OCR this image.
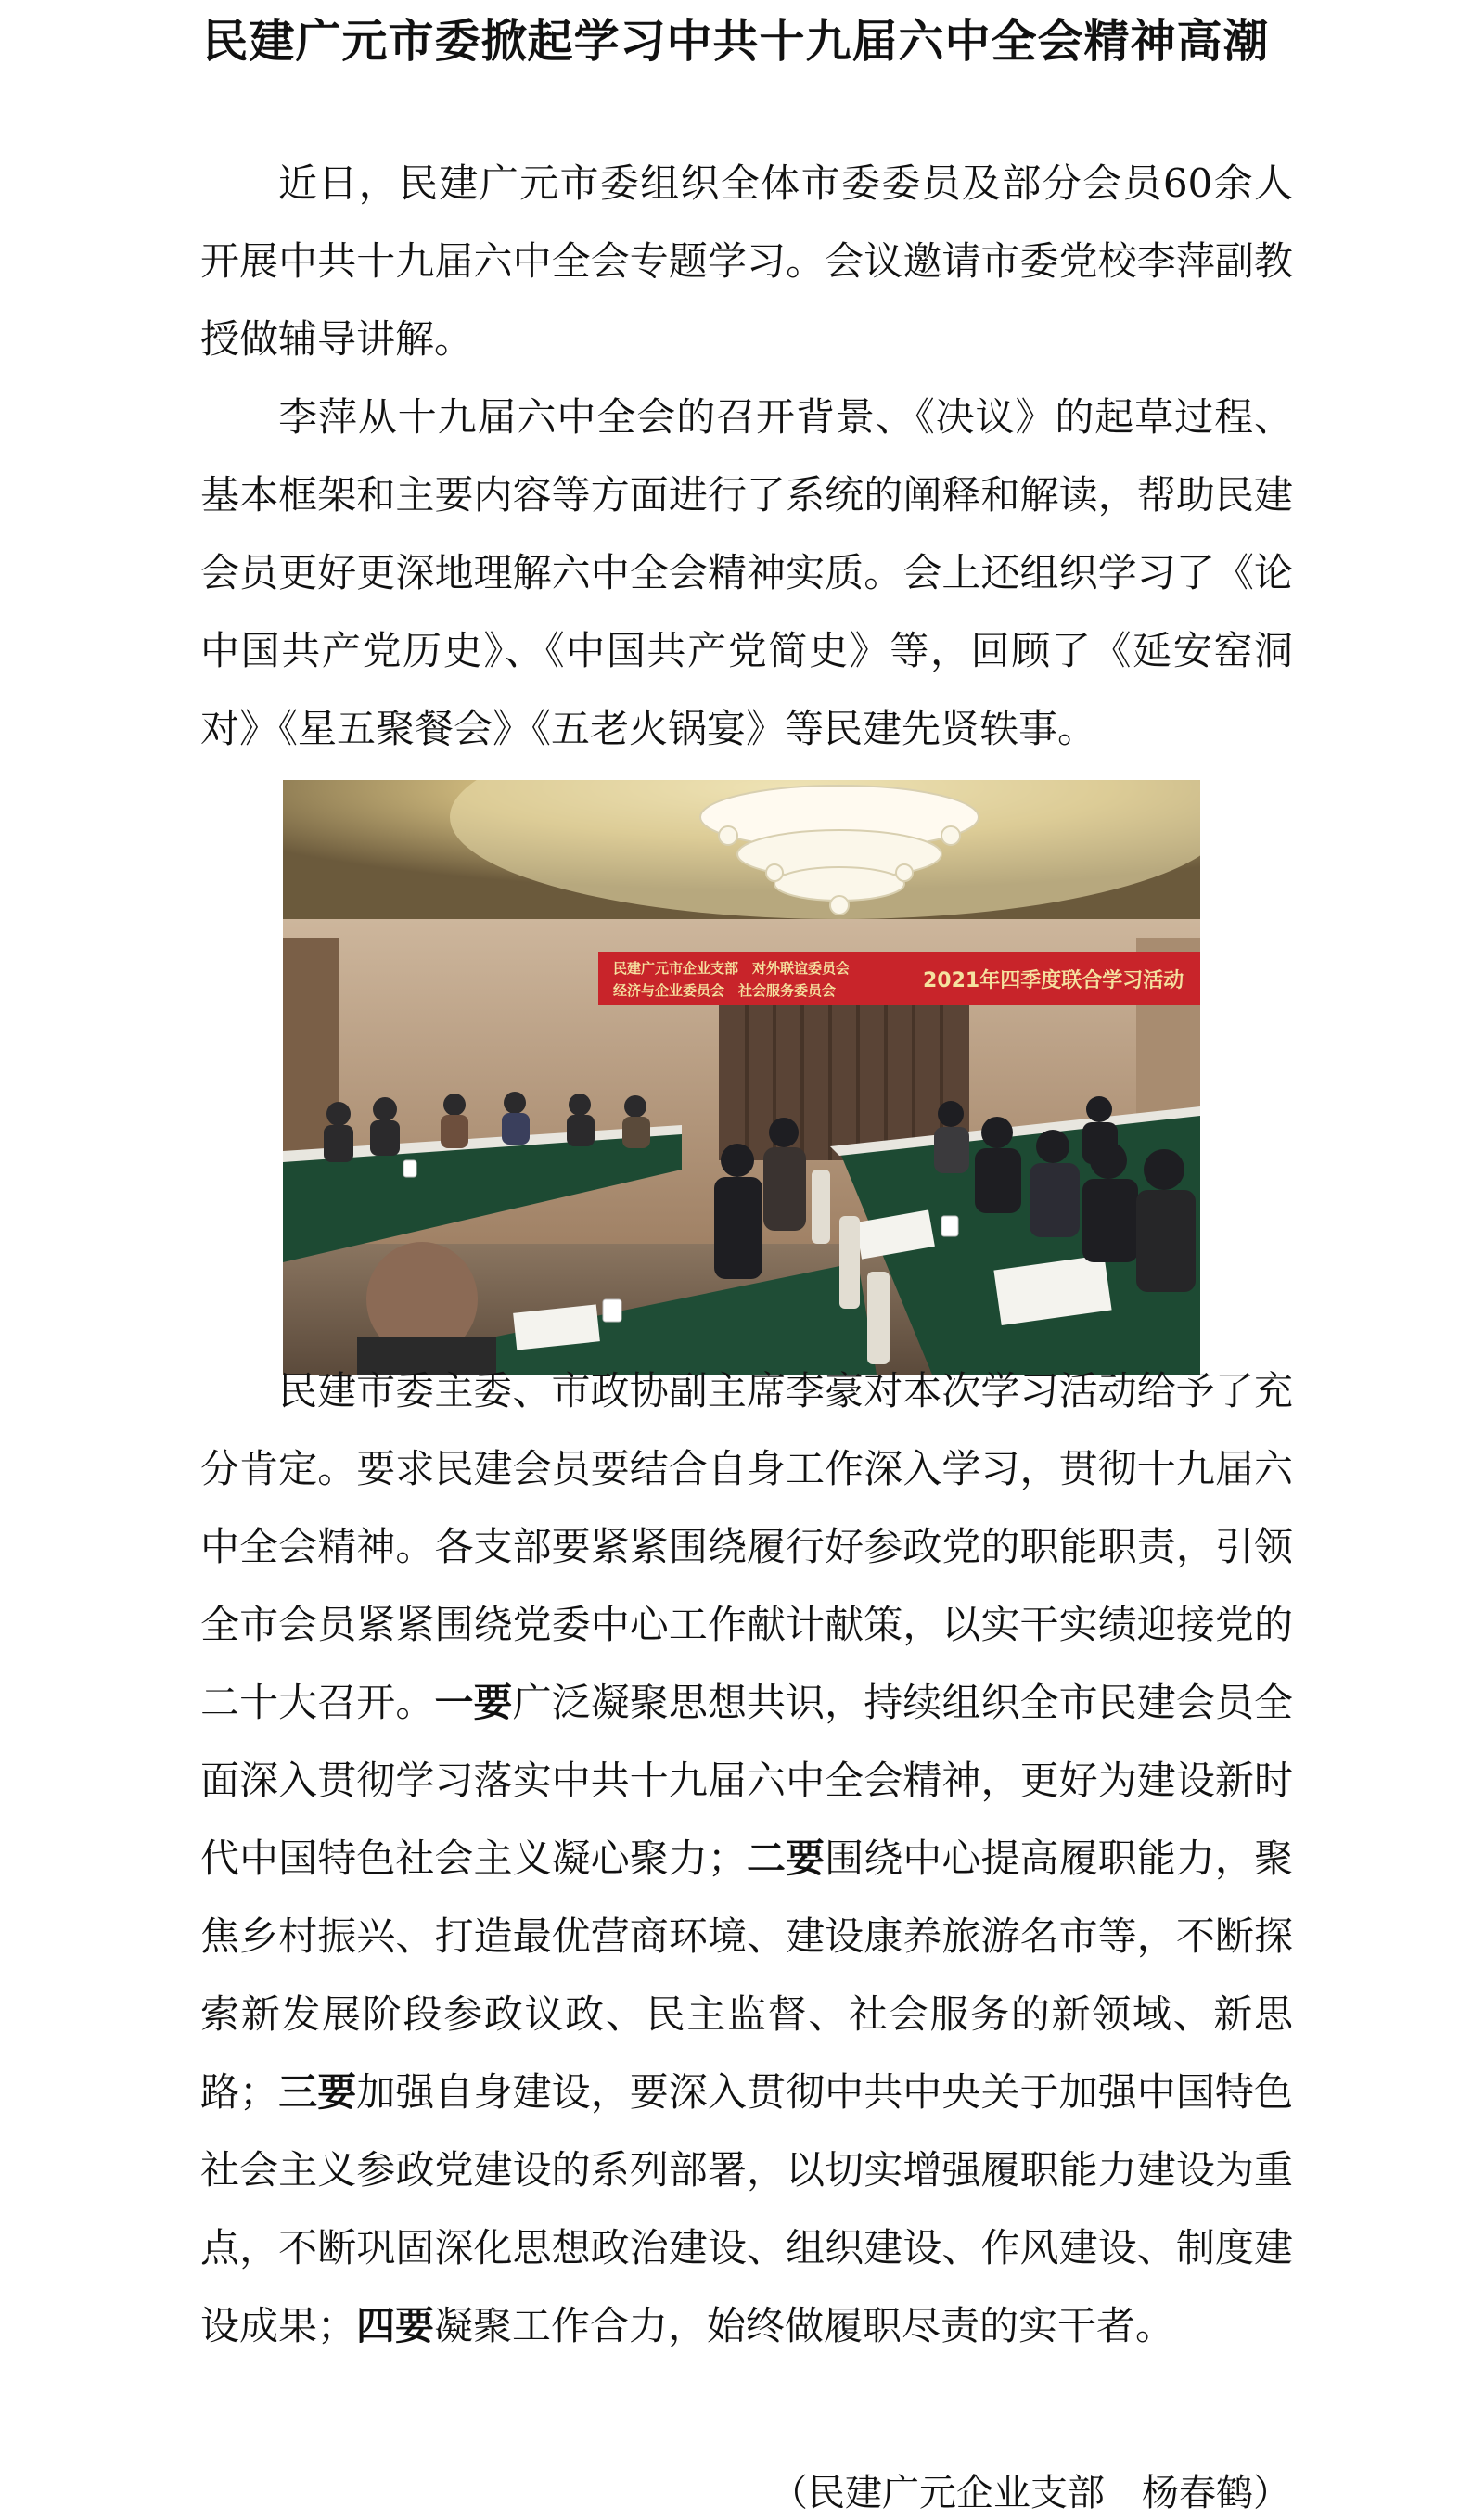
民建广元市委掀起学习中共十九届六中全会精神高潮

近日，民建广元市委组织全体市委委员及部分会员60余人开展中共十九届六中全会专题学习。会议邀请市委党校李萍副教授做辅导讲解。

李萍从十九届六中全会的召开背景、《决议》的起草过程、基本框架和主要内容等方面进行了系统的阐释和解读，帮助民建会员更好更深地理解六中全会精神实质。会上还组织学习了《论中国共产党历史》、《中国共产党简史》等，回顾了《延安窑洞对》《星五聚餐会》《五老火锅宴》等民建先贤轶事。

民建广元市企业支部　对外联谊委员会
经济与企业委员会　社会服务委员会	2021年四季度联合学习活动

民建市委主委、市政协副主席李豪对本次学习活动给予了充分肯定。要求民建会员要结合自身工作深入学习，贯彻十九届六中全会精神。各支部要紧紧围绕履行好参政党的职能职责，引领全市会员紧紧围绕党委中心工作献计献策，以实干实绩迎接党的二十大召开。一要广泛凝聚思想共识，持续组织全市民建会员全面深入贯彻学习落实中共十九届六中全会精神，更好为建设新时代中国特色社会主义凝心聚力；二要围绕中心提高履职能力，聚焦乡村振兴、打造最优营商环境、建设康养旅游名市等，不断探索新发展阶段参政议政、民主监督、社会服务的新领域、新思路；三要加强自身建设，要深入贯彻中共中央关于加强中国特色社会主义参政党建设的系列部署，以切实增强履职能力建设为重点，不断巩固深化思想政治建设、组织建设、作风建设、制度建设成果；四要凝聚工作合力，始终做履职尽责的实干者。

（民建广元企业支部　杨春鹤）
